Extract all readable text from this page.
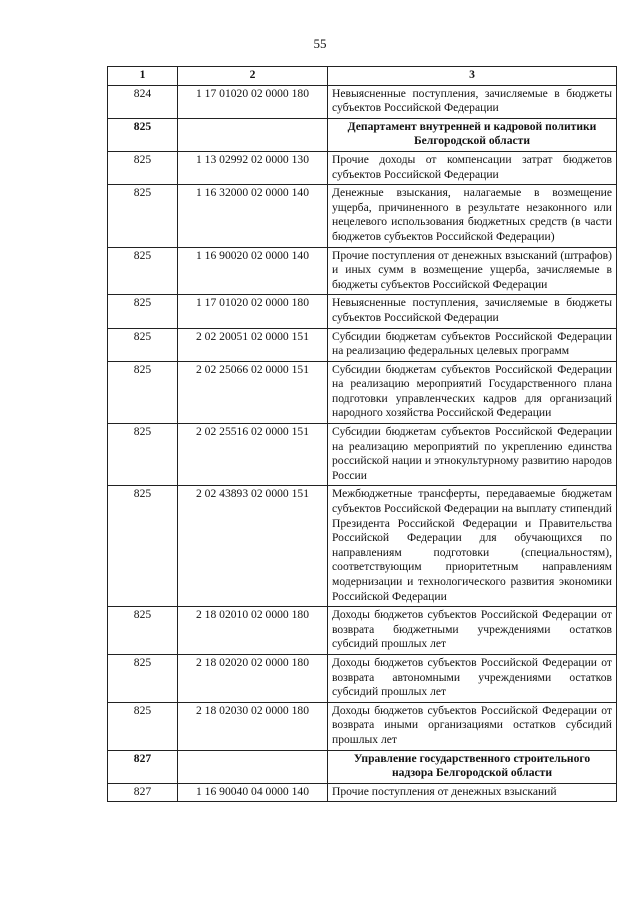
55
1	2	3
824	1 17 01020 02 0000 180	Невыясненные поступления, зачисляемые в бюджеты субъектов Российской Федерации
825		Департамент внутренней и кадровой политики Белгородской области
825	1 13 02992 02 0000 130	Прочие доходы от компенсации затрат бюджетов субъектов Российской Федерации
825	1 16 32000 02 0000 140	Денежные взыскания, налагаемые в возмещение ущерба, причиненного в результате незаконного или нецелевого использования бюджетных средств (в части бюджетов субъектов Российской Федерации)
825	1 16 90020 02 0000 140	Прочие поступления от денежных взысканий (штрафов) и иных сумм в возмещение ущерба, зачисляемые в бюджеты субъектов Российской Федерации
825	1 17 01020 02 0000 180	Невыясненные поступления, зачисляемые в бюджеты субъектов Российской Федерации
825	2 02 20051 02 0000 151	Субсидии бюджетам субъектов Российской Федерации на реализацию федеральных целевых программ
825	2 02 25066 02 0000 151	Субсидии бюджетам субъектов Российской Федерации на реализацию мероприятий Государственного плана подготовки управленческих кадров для организаций народного хозяйства Российской Федерации
825	2 02 25516 02 0000 151	Субсидии бюджетам субъектов Российской Федерации на реализацию мероприятий по укреплению единства российской нации и этнокультурному развитию народов России
825	2 02 43893 02 0000 151	Межбюджетные трансферты, передаваемые бюджетам субъектов Российской Федерации на выплату стипендий Президента Российской Федерации и Правительства Российской Федерации для обучающихся по направлениям подготовки (специальностям), соответствующим приоритетным направлениям модернизации и технологического развития экономики Российской Федерации
825	2 18 02010 02 0000 180	Доходы бюджетов субъектов Российской Федерации от возврата бюджетными учреждениями остатков субсидий прошлых лет
825	2 18 02020 02 0000 180	Доходы бюджетов субъектов Российской Федерации от возврата автономными учреждениями остатков субсидий прошлых лет
825	2 18 02030 02 0000 180	Доходы бюджетов субъектов Российской Федерации от возврата иными организациями остатков субсидий прошлых лет
827		Управление государственного строительного надзора Белгородской области
827	1 16 90040 04 0000 140	Прочие поступления от денежных взысканий
